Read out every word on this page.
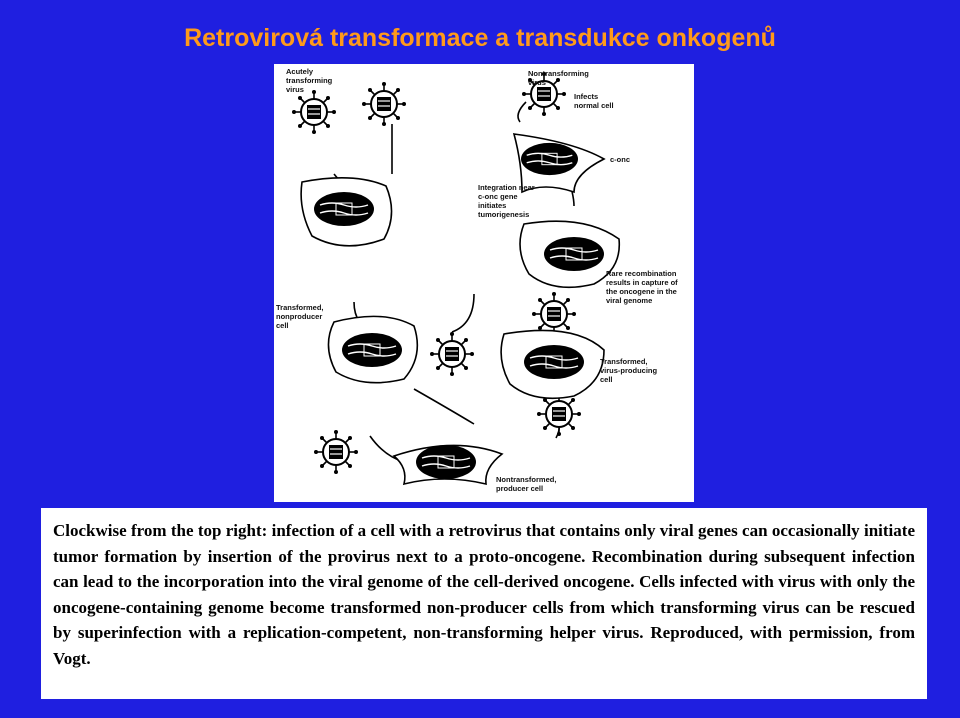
Retrovirová transformace a transdukce onkogenů
Acutely
transforming
virus
Nontransforming
virus
Infects
normal cell
c-onc
Integration near
c-onc gene
initiates
tumorigenesis
Rare recombination
results in capture of
the oncogene in the
viral genome
Transformed,
nonproducer
cell
Transformed,
virus-producing
cell
Nontransformed,
producer cell
Clockwise from the top right: infection of a cell with a retrovirus that contains only viral genes can occasionally initiate tumor formation by insertion of the provirus next to a proto-oncogene. Recombination during subsequent infection can lead to the incorporation into the viral genome of the cell-derived oncogene. Cells infected with virus with only the oncogene-containing genome become transformed non-producer cells from which transforming virus can be rescued by superinfection with a replication-competent, non-transforming helper virus. Reproduced, with permission, from Vogt.
